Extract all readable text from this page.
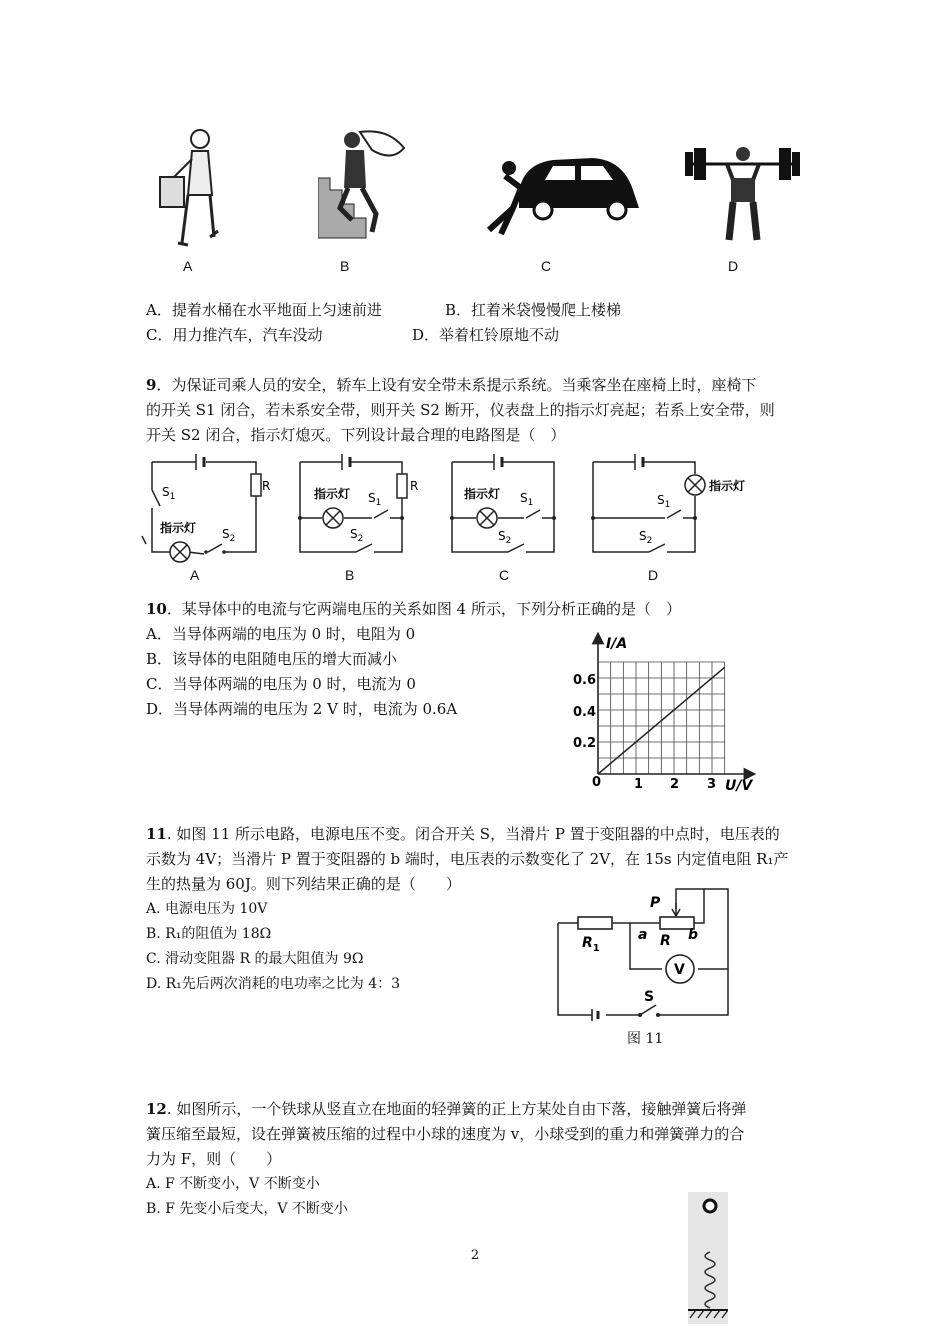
A	B	C	D
A．提着水桶在水平地面上匀速前进	B．扛着米袋慢慢爬上楼梯
C．用力推汽车，汽车没动	D．举着杠铃原地不动
9．为保证司乘人员的安全，轿车上设有安全带未系提示系统。当乘客坐在座椅上时，座椅下
的开关 S1 闭合，若未系安全带，则开关 S2 断开，仪表盘上的指示灯亮起；若系上安全带，则
开关 S2 闭合，指示灯熄灭。下列设计最合理的电路图是（　）
R
$S_1$
指示灯 $S_2$
R
指示灯 $S_1$
$S_2$
指示灯 $S_1$
$S_2$
指示灯
$S_1$
$S_2$
A	B	C	D
10．某导体中的电流与它两端电压的关系如图 4 所示，下列分析正确的是（　）
A．当导体两端的电压为 0 时，电阻为 0
B．该导体的电阻随电压的增大而减小
C．当导体两端的电压为 0 时，电流为 0
D．当导体两端的电压为 2 V 时，电流为 0.6A
I/A
U/V
0	1 2 3
0.2
0.4
0.6
11. 如图 11 所示电路，电源电压不变。闭合开关 S，当滑片 P 置于变阻器的中点时，电压表的
示数为 4V；当滑片 P 置于变阻器的 b 端时，电压表的示数变化了 2V，在 15s 内定值电阻 R₁产
生的热量为 60J。则下列结果正确的是（　　）
A. 电源电压为 10V
B. R₁的阻值为 18Ω
C. 滑动变阻器 R 的最大阻值为 9Ω
D. R₁先后两次消耗的电功率之比为 4：3
V
S
P
$R_1$
a R b
图 11
12. 如图所示，一个铁球从竖直立在地面的轻弹簧的正上方某处自由下落，接触弹簧后将弹
簧压缩至最短，设在弹簧被压缩的过程中小球的速度为 v，小球受到的重力和弹簧弹力的合
力为 F，则（　　）
A. F 不断变小，V 不断变小
B. F 先变小后变大，V 不断变小
2
